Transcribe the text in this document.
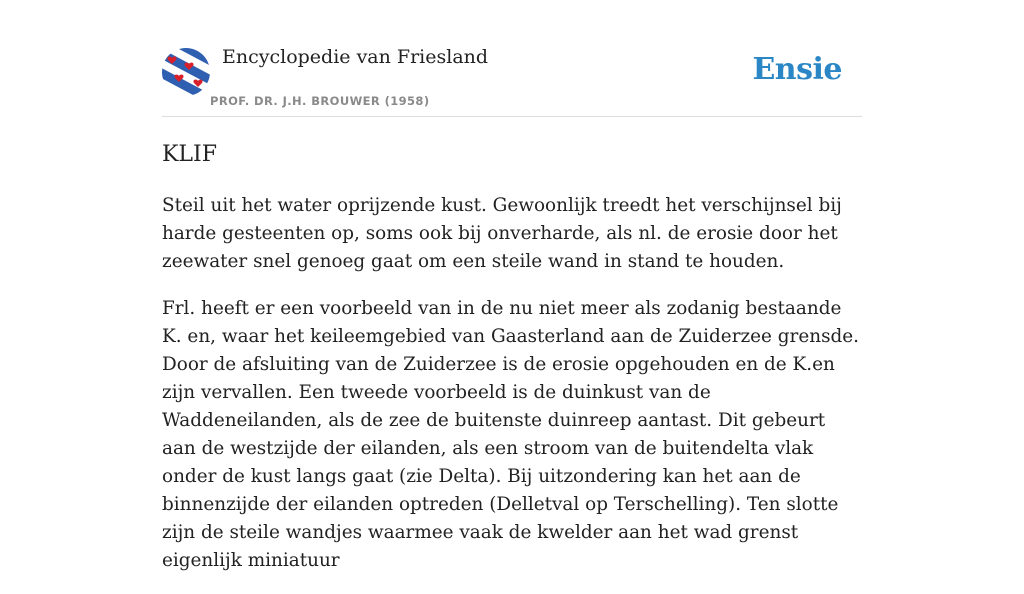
Encyclopedie van Friesland
PROF. DR. J.H. BROUWER (1958)
Ensie
KLIF

Steil uit het water oprijzende kust. Gewoonlijk treedt het verschijnsel bij harde gesteenten op, soms ook bij onverharde, als nl. de erosie door het zeewater snel genoeg gaat om een steile wand in stand te houden.

Frl. heeft er een voorbeeld van in de nu niet meer als zodanig bestaande K. en, waar het keileemgebied van Gaasterland aan de Zuiderzee grensde. Door de afsluiting van de Zuiderzee is de erosie opgehouden en de K.en zijn vervallen. Een tweede voorbeeld is de duinkust van de Waddeneilanden, als de zee de buitenste duinreep aantast. Dit gebeurt aan de westzijde der eilanden, als een stroom van de buitendelta vlak onder de kust langs gaat (zie Delta). Bij uitzondering kan het aan de binnenzijde der eilanden optreden (Delletval op Terschelling). Ten slotte zijn de steile wandjes waarmee vaak de kwelder aan het wad grenst eigenlijk miniatuur
